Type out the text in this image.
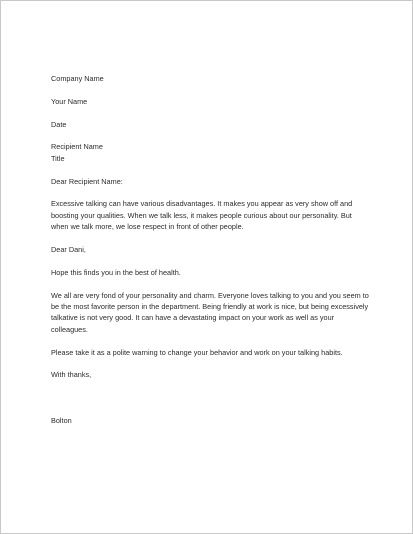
Company Name

Your Name

Date

Recipient Name

Title

Dear Recipient Name:

Excessive talking can have various disadvantages. It makes you appear as very show off and boosting your qualities. When we talk less, it makes people curious about our personality. But when we talk more, we lose respect in front of other people.

Dear Dani,

Hope this finds you in the best of health.

We all are very fond of your personality and charm. Everyone loves talking to you and you seem to be the most favorite person in the department. Being friendly at work is nice, but being excessively talkative is not very good. It can have a devastating impact on your work as well as your colleagues.

Please take it as a polite warning to change your behavior and work on your talking habits.

With thanks,

Bolton
